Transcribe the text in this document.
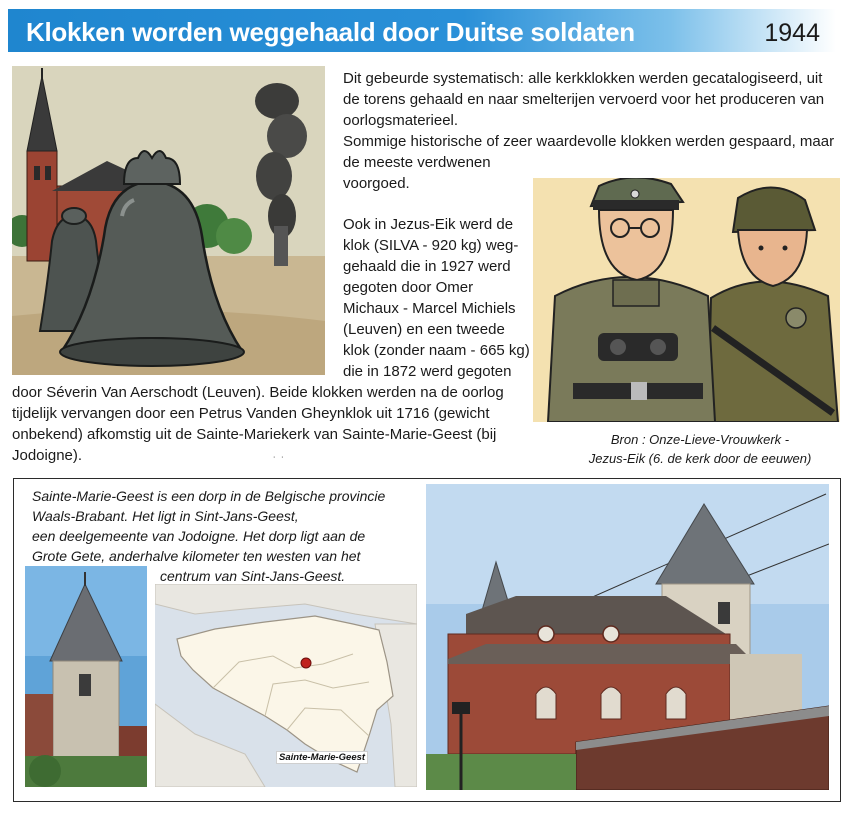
Klokken worden weggehaald door Duitse soldaten	1944
Dit gebeurde systematisch: alle kerkklokken werden gecatalogiseerd, uit
de torens gehaald en naar smelterijen vervoerd voor het produceren van
oorlogsmaterieel.
Sommige historische of zeer waardevolle klokken werden gespaard, maar
de meeste verdwenen
voorgoed.
Ook in Jezus-Eik werd de
klok (SILVA - 920 kg) weg-
gehaald die in 1927 werd
gegoten door Omer
Michaux - Marcel Michiels
(Leuven) en een tweede
klok (zonder naam - 665 kg)
die in 1872 werd gegoten
door Séverin Van Aerschodt (Leuven). Beide klokken werden na de oorlog
tijdelijk vervangen door een Petrus Vanden Gheynklok uit 1716 (gewicht
onbekend) afkomstig uit de Sainte-Mariekerk van Sainte-Marie-Geest (bij
Jodoigne).
Bron : Onze-Lieve-Vrouwkerk -
Jezus-Eik (6. de kerk door de eeuwen)
˙ ˙
Sainte-Marie-Geest is een dorp in de Belgische provincie
Waals-Brabant. Het ligt in Sint-Jans-Geest,
een deelgemeente van Jodoigne. Het dorp ligt aan de
Grote Gete, anderhalve kilometer ten westen van het
centrum van Sint-Jans-Geest.
Sainte-Marie-Geest
